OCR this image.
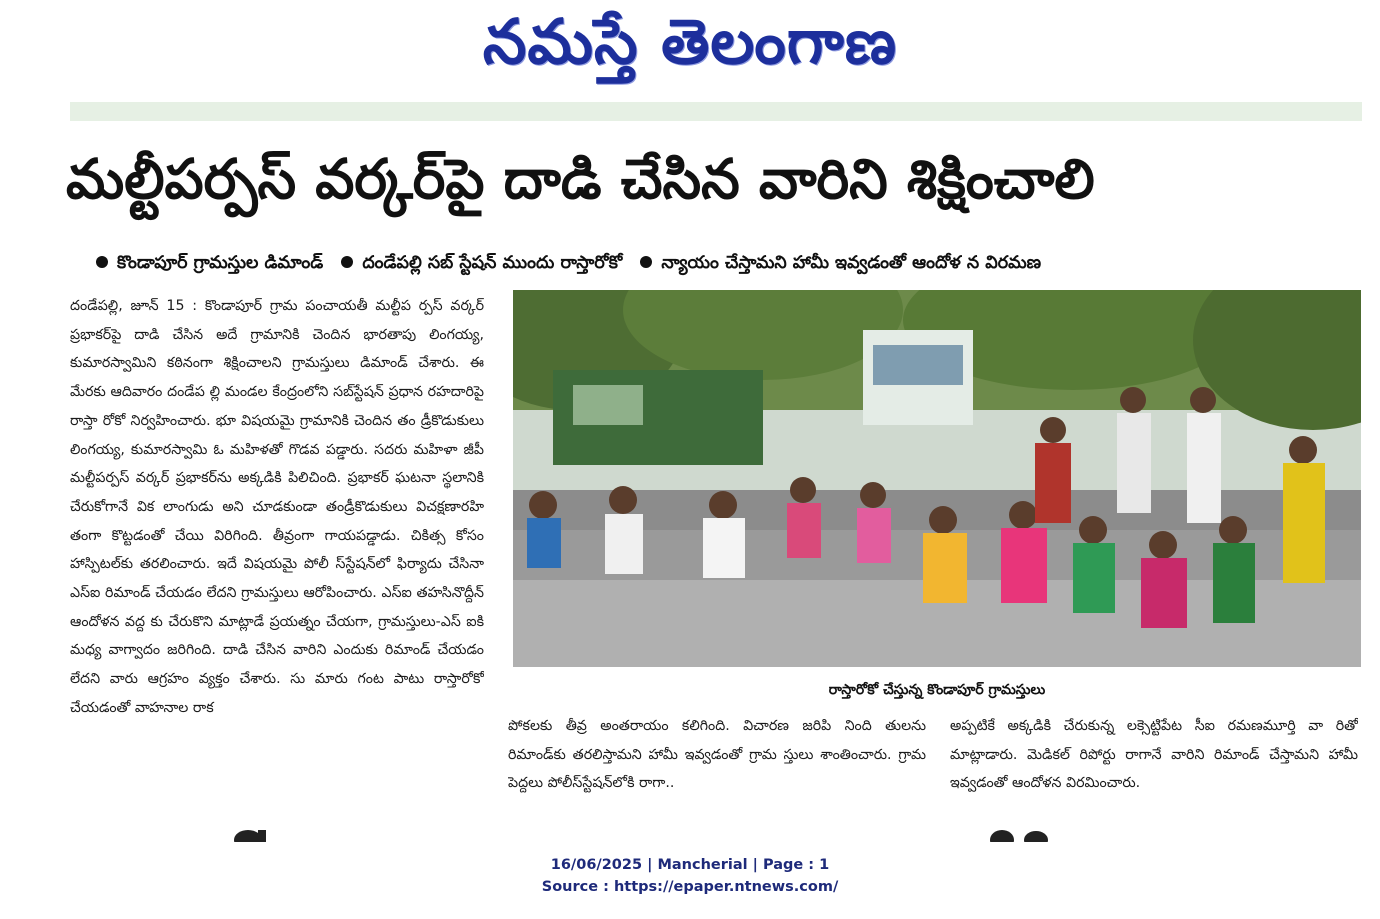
నమస్తే తెలంగాణ
మల్టీపర్పస్ వర్కర్‌పై దాడి చేసిన వారిని శిక్షించాలి
కొండాపూర్ గ్రామస్తుల డిమాండ్ దండేపల్లి సబ్ స్టేషన్ ముందు రాస్తారోకో న్యాయం చేస్తామని హామీ ఇవ్వడంతో ఆందోళ న విరమణ
దండేపల్లి, జూన్ 15 : కొండాపూర్ గ్రామ పంచాయతీ మల్టీప ర్పస్ వర్కర్ ప్రభాకర్‌పై దాడి చేసిన అదే గ్రామానికి చెందిన భారతాపు లింగయ్య, కుమారస్వామిని కఠినంగా శిక్షించాలని గ్రామస్తులు డిమాండ్ చేశారు. ఈ మేరకు ఆదివారం దండేప ల్లి మండల కేంద్రంలోని సబ్‌స్టేషన్ ప్రధాన రహదారిపై రాస్తా రోకో నిర్వహించారు. భూ విషయమై గ్రామానికి చెందిన తం డ్రీకొడుకులు లింగయ్య, కుమారస్వామి ఓ మహిళతో గొడవ పడ్డారు. సదరు మహిళా జీపీ మల్టీపర్పస్ వర్కర్ ప్రభాకర్‌ను అక్కడికి పిలిచింది. ప్రభాకర్ ఘటనా స్థలానికి చేరుకోగానే విక లాంగుడు అని చూడకుండా తండ్రీకొడుకులు విచక్షణారహి తంగా కొట్టడంతో చేయి విరిగింది. తీవ్రంగా గాయపడ్డాడు. చికిత్స కోసం హాస్పిటల్‌కు తరలించారు. ఇదే విషయమై పోలీ స్‌స్టేషన్‌లో ఫిర్యాదు చేసినా ఎస్ఐ రిమాండ్ చేయడం లేదని గ్రామస్తులు ఆరోపించారు. ఎస్ఐ తహసినొద్దీన్ ఆందోళన వద్ద కు చేరుకొని మాట్లాడే ప్రయత్నం చేయగా, గ్రామస్తులు-ఎస్ ఐకి మధ్య వాగ్వాదం జరిగింది. దాడి చేసిన వారిని ఎందుకు రిమాండ్ చేయడం లేదని వారు ఆగ్రహం వ్యక్తం చేశారు. సు మారు గంట పాటు రాస్తారోకో చేయడంతో వాహనాల రాక
రాస్తారోకో చేస్తున్న కొండాపూర్ గ్రామస్తులు
పోకలకు తీవ్ర అంతరాయం కలిగింది. విచారణ జరిపి నింది తులను రిమాండ్‌కు తరలిస్తామని హామీ ఇవ్వడంతో గ్రామ స్తులు శాంతించారు. గ్రామ పెద్దలు పోలీస్‌స్టేషన్‌లోకి రాగా..
అప్పటికే అక్కడికి చేరుకున్న లక్సెట్టిపేట సీఐ రమణమూర్తి వా రితో మాట్లాడారు. మెడికల్ రిపోర్టు రాగానే వారిని రిమాండ్ చేస్తామని హామీ ఇవ్వడంతో ఆందోళన విరమించారు.
16/06/2025 | Mancherial | Page : 1
Source : https://epaper.ntnews.com/
